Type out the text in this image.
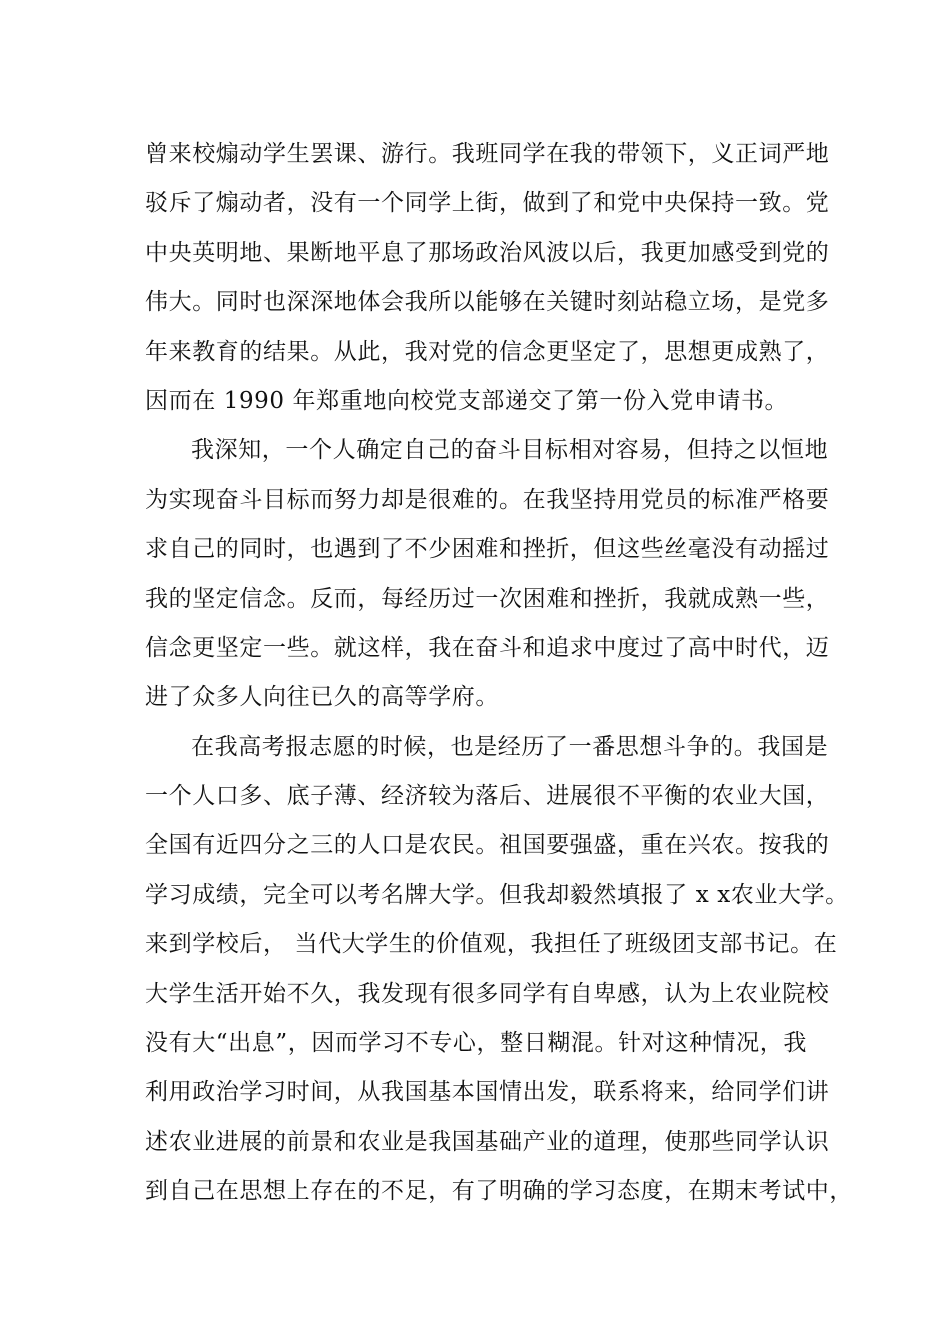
曾来校煽动学生罢课、游行。我班同学在我的带领下，义正词严地
驳斥了煽动者，没有一个同学上街，做到了和党中央保持一致。党
中央英明地、果断地平息了那场政治风波以后，我更加感受到党的
伟大。同时也深深地体会我所以能够在关键时刻站稳立场，是党多
年来教育的结果。从此，我对党的信念更坚定了，思想更成熟了，
因而在 1990 年郑重地向校党支部递交了第一份入党申请书。
我深知，一个人确定自己的奋斗目标相对容易，但持之以恒地
为实现奋斗目标而努力却是很难的。在我坚持用党员的标准严格要
求自己的同时，也遇到了不少困难和挫折，但这些丝毫没有动摇过
我的坚定信念。反而，每经历过一次困难和挫折，我就成熟一些，
信念更坚定一些。就这样，我在奋斗和追求中度过了高中时代，迈
进了众多人向往已久的高等学府。
在我高考报志愿的时候，也是经历了一番思想斗争的。我国是
一个人口多、底子薄、经济较为落后、进展很不平衡的农业大国，
全国有近四分之三的人口是农民。祖国要强盛，重在兴农。按我的
学习成绩，完全可以考名牌大学。但我却毅然填报了 x x农业大学。
来到学校后， 当代大学生的价值观，我担任了班级团支部书记。在
大学生活开始不久，我发现有很多同学有自卑感，认为上农业院校
没有大“出息”，因而学习不专心，整日糊混。针对这种情况，我
利用政治学习时间，从我国基本国情出发，联系将来，给同学们讲
述农业进展的前景和农业是我国基础产业的道理，使那些同学认识
到自己在思想上存在的不足，有了明确的学习态度，在期末考试中，
